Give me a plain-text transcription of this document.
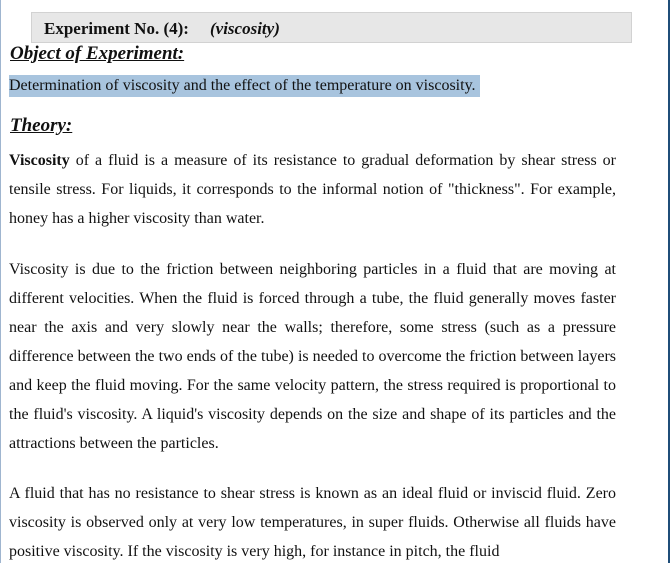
Experiment No. (4): (viscosity)
Object of Experiment:
Determination of viscosity and the effect of the temperature on viscosity.
Theory:

Viscosity of a fluid is a measure of its resistance to gradual deformation by shear stress or tensile stress. For liquids, it corresponds to the informal notion of "thickness". For example, honey has a higher viscosity than water.

Viscosity is due to the friction between neighboring particles in a fluid that are moving at different velocities. When the fluid is forced through a tube, the fluid generally moves faster near the axis and very slowly near the walls; therefore, some stress (such as a pressure difference between the two ends of the tube) is needed to overcome the friction between layers and keep the fluid moving. For the same velocity pattern, the stress required is proportional to the fluid's viscosity. A liquid's viscosity depends on the size and shape of its particles and the attractions between the particles.

A fluid that has no resistance to shear stress is known as an ideal fluid or inviscid fluid. Zero viscosity is observed only at very low temperatures, in super fluids. Otherwise all fluids have positive viscosity. If the viscosity is very high, for instance in pitch, the fluid
